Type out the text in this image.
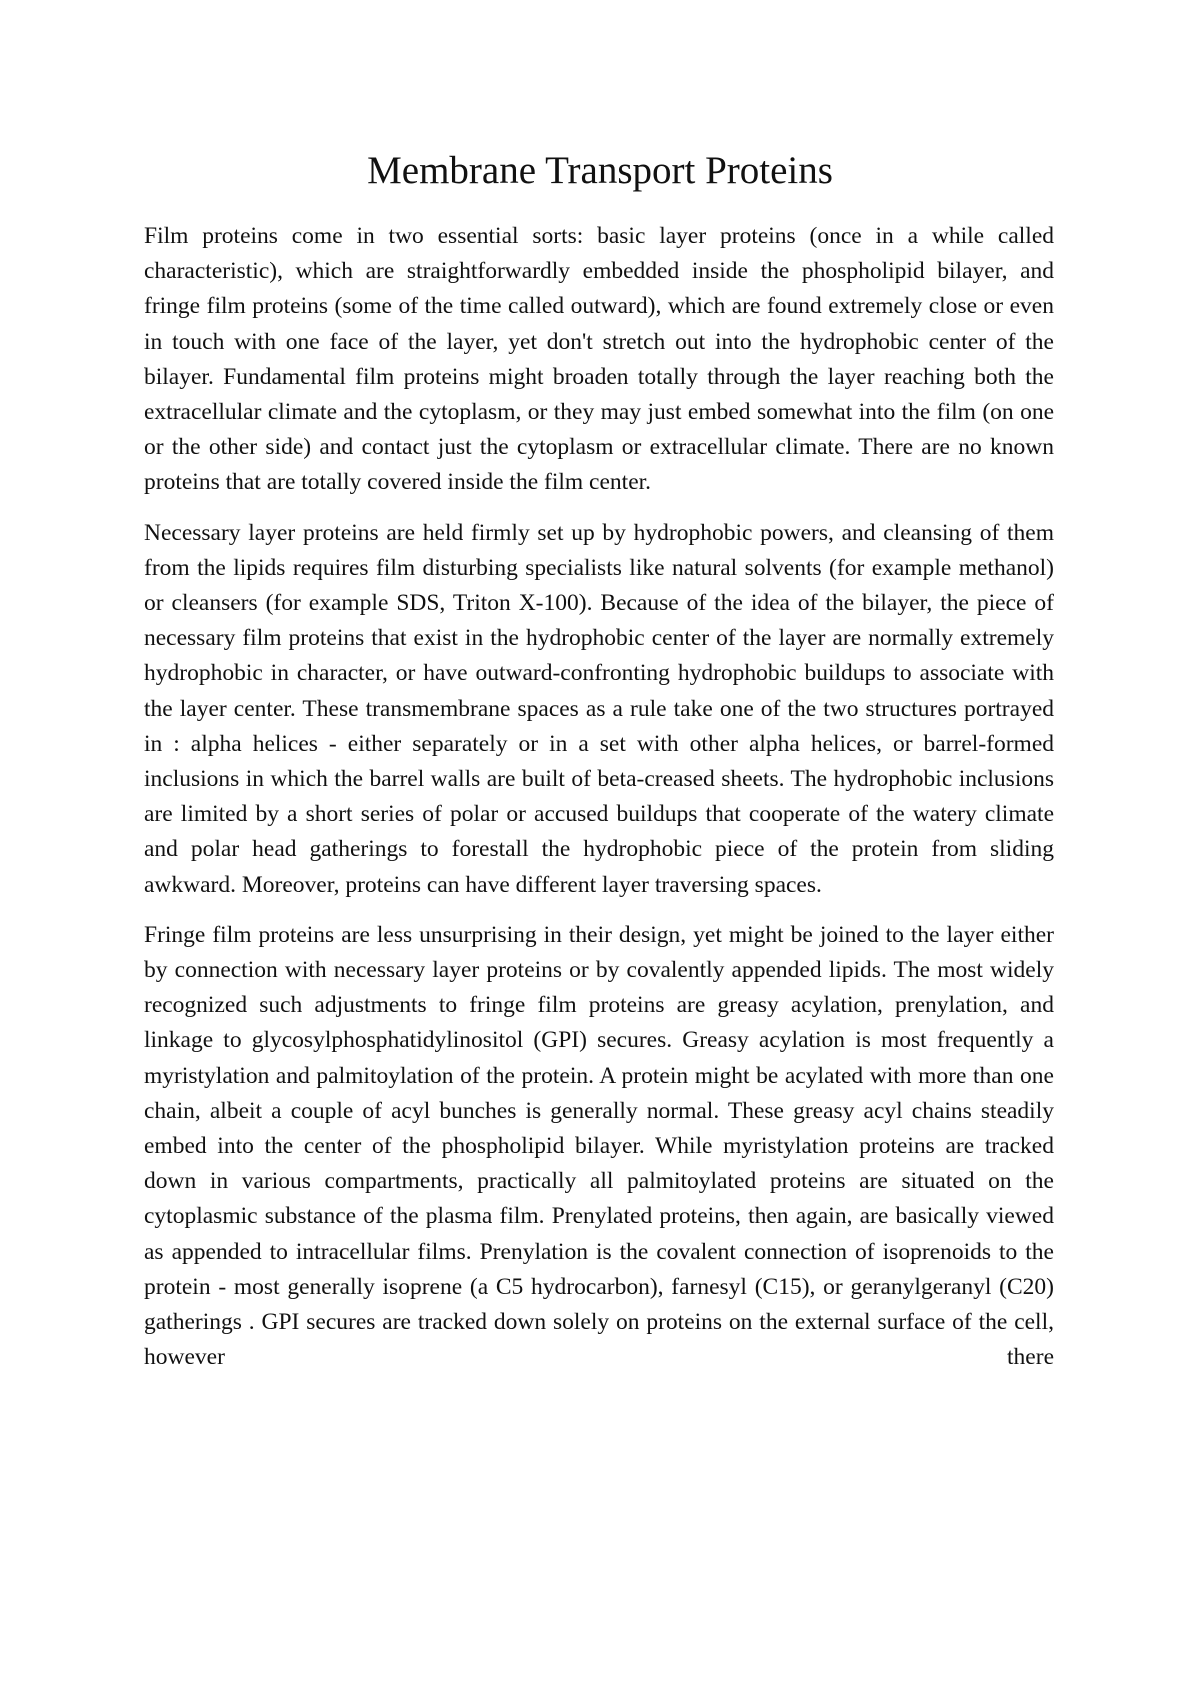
Membrane Transport Proteins

Film proteins come in two essential sorts: basic layer proteins (once in a while called characteristic), which are straightforwardly embedded inside the phospholipid bilayer, and fringe film proteins (some of the time called outward), which are found extremely close or even in touch with one face of the layer, yet don't stretch out into the hydrophobic center of the bilayer. Fundamental film proteins might broaden totally through the layer reaching both the extracellular climate and the cytoplasm, or they may just embed somewhat into the film (on one or the other side) and contact just the cytoplasm or extracellular climate. There are no known proteins that are totally covered inside the film center.

Necessary layer proteins are held firmly set up by hydrophobic powers, and cleansing of them from the lipids requires film disturbing specialists like natural solvents (for example methanol) or cleansers (for example SDS, Triton X-100). Because of the idea of the bilayer, the piece of necessary film proteins that exist in the hydrophobic center of the layer are normally extremely hydrophobic in character, or have outward-confronting hydrophobic buildups to associate with the layer center. These transmembrane spaces as a rule take one of the two structures portrayed in : alpha helices - either separately or in a set with other alpha helices, or barrel-formed inclusions in which the barrel walls are built of beta-creased sheets. The hydrophobic inclusions are limited by a short series of polar or accused buildups that cooperate of the watery climate and polar head gatherings to forestall the hydrophobic piece of the protein from sliding awkward. Moreover, proteins can have different layer traversing spaces.

Fringe film proteins are less unsurprising in their design, yet might be joined to the layer either by connection with necessary layer proteins or by covalently appended lipids. The most widely recognized such adjustments to fringe film proteins are greasy acylation, prenylation, and linkage to glycosylphosphatidylinositol (GPI) secures. Greasy acylation is most frequently a myristylation and palmitoylation of the protein. A protein might be acylated with more than one chain, albeit a couple of acyl bunches is generally normal. These greasy acyl chains steadily embed into the center of the phospholipid bilayer. While myristylation proteins are tracked down in various compartments, practically all palmitoylated proteins are situated on the cytoplasmic substance of the plasma film. Prenylated proteins, then again, are basically viewed as appended to intracellular films. Prenylation is the covalent connection of isoprenoids to the protein - most generally isoprene (a C5 hydrocarbon), farnesyl (C15), or geranylgeranyl (C20) gatherings . GPI secures are tracked down solely on proteins on the external surface of the cell, however there
